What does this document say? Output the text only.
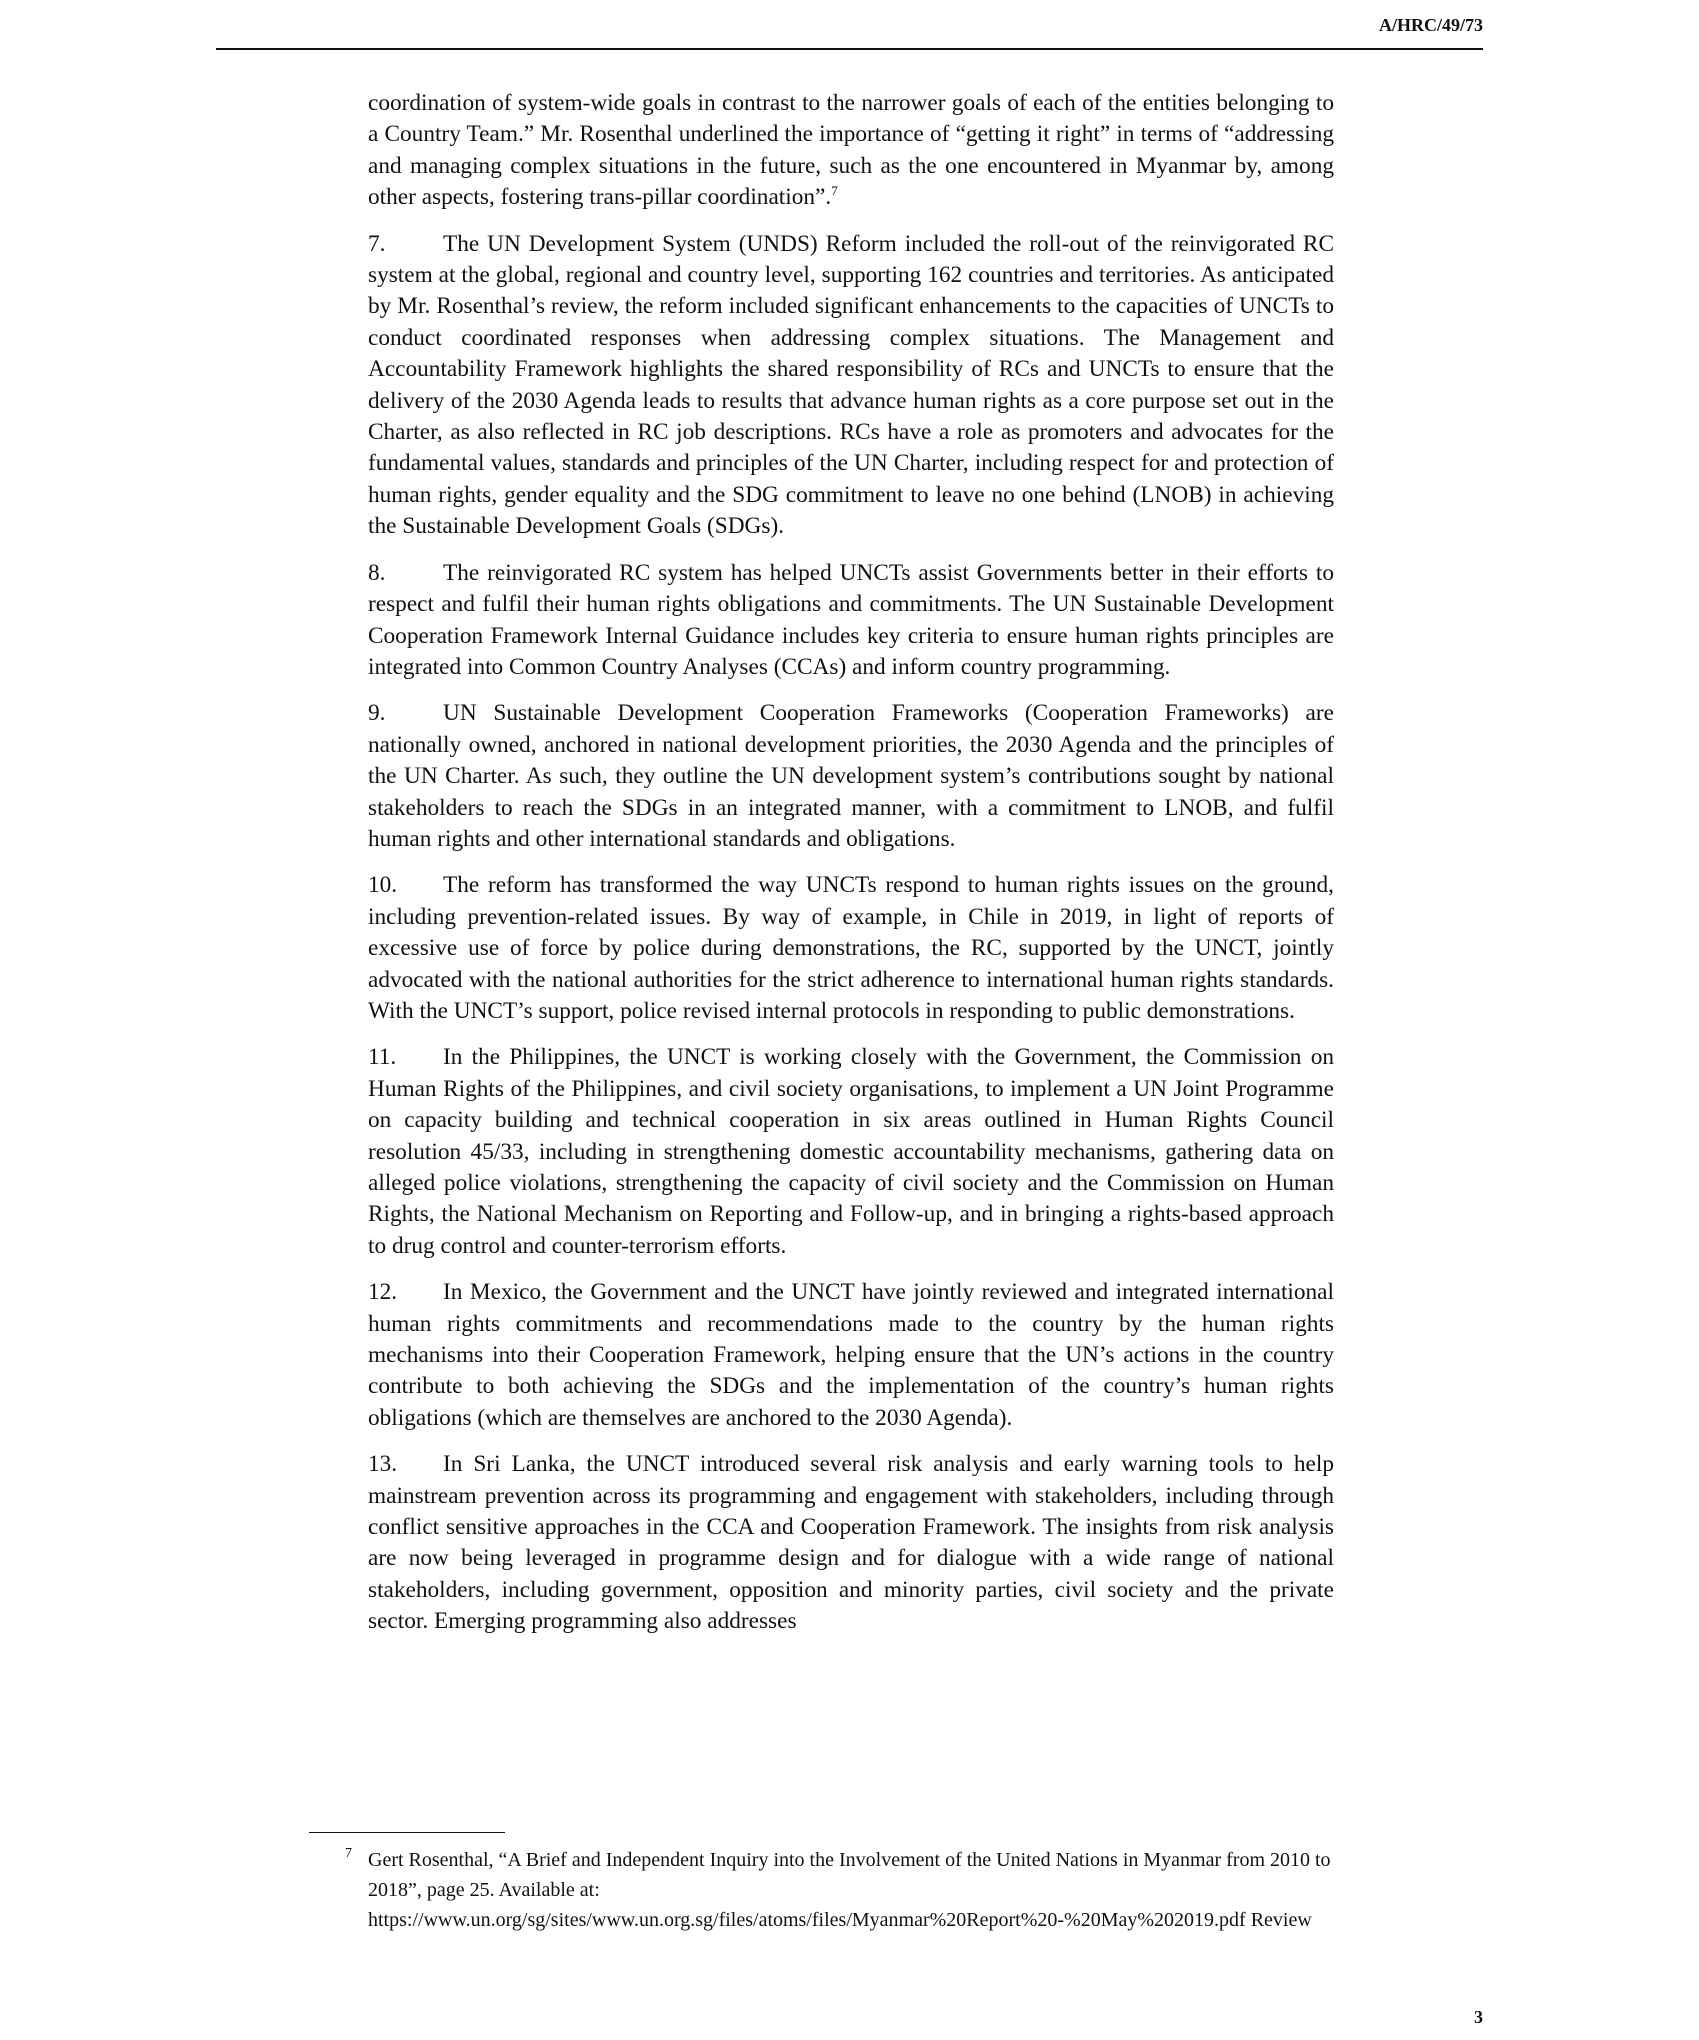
A/HRC/49/73

coordination of system-wide goals in contrast to the narrower goals of each of the entities belonging to a Country Team.” Mr. Rosenthal underlined the importance of “getting it right” in terms of “addressing and managing complex situations in the future, such as the one encountered in Myanmar by, among other aspects, fostering trans-pillar coordination”.$^7$

7. The UN Development System (UNDS) Reform included the roll-out of the reinvigorated RC system at the global, regional and country level, supporting 162 countries and territories. As anticipated by Mr. Rosenthal’s review, the reform included significant enhancements to the capacities of UNCTs to conduct coordinated responses when addressing complex situations. The Management and Accountability Framework highlights the shared responsibility of RCs and UNCTs to ensure that the delivery of the 2030 Agenda leads to results that advance human rights as a core purpose set out in the Charter, as also reflected in RC job descriptions. RCs have a role as promoters and advocates for the fundamental values, standards and principles of the UN Charter, including respect for and protection of human rights, gender equality and the SDG commitment to leave no one behind (LNOB) in achieving the Sustainable Development Goals (SDGs).

8. The reinvigorated RC system has helped UNCTs assist Governments better in their efforts to respect and fulfil their human rights obligations and commitments. The UN Sustainable Development Cooperation Framework Internal Guidance includes key criteria to ensure human rights principles are integrated into Common Country Analyses (CCAs) and inform country programming.

9. UN Sustainable Development Cooperation Frameworks (Cooperation Frameworks) are nationally owned, anchored in national development priorities, the 2030 Agenda and the principles of the UN Charter. As such, they outline the UN development system’s contributions sought by national stakeholders to reach the SDGs in an integrated manner, with a commitment to LNOB, and fulfil human rights and other international standards and obligations.

10. The reform has transformed the way UNCTs respond to human rights issues on the ground, including prevention-related issues. By way of example, in Chile in 2019, in light of reports of excessive use of force by police during demonstrations, the RC, supported by the UNCT, jointly advocated with the national authorities for the strict adherence to international human rights standards. With the UNCT’s support, police revised internal protocols in responding to public demonstrations.

11. In the Philippines, the UNCT is working closely with the Government, the Commission on Human Rights of the Philippines, and civil society organisations, to implement a UN Joint Programme on capacity building and technical cooperation in six areas outlined in Human Rights Council resolution 45/33, including in strengthening domestic accountability mechanisms, gathering data on alleged police violations, strengthening the capacity of civil society and the Commission on Human Rights, the National Mechanism on Reporting and Follow-up, and in bringing a rights-based approach to drug control and counter-terrorism efforts.

12. In Mexico, the Government and the UNCT have jointly reviewed and integrated international human rights commitments and recommendations made to the country by the human rights mechanisms into their Cooperation Framework, helping ensure that the UN’s actions in the country contribute to both achieving the SDGs and the implementation of the country’s human rights obligations (which are themselves are anchored to the 2030 Agenda).

13. In Sri Lanka, the UNCT introduced several risk analysis and early warning tools to help mainstream prevention across its programming and engagement with stakeholders, including through conflict sensitive approaches in the CCA and Cooperation Framework. The insights from risk analysis are now being leveraged in programme design and for dialogue with a wide range of national stakeholders, including government, opposition and minority parties, civil society and the private sector. Emerging programming also addresses

7 Gert Rosenthal, “A Brief and Independent Inquiry into the Involvement of the United Nations in Myanmar from 2010 to 2018”, page 25. Available at:

https://www.un.org/sg/sites/www.un.org.sg/files/atoms/files/Myanmar%20Report%20-%20May%202019.pdf Review

3
